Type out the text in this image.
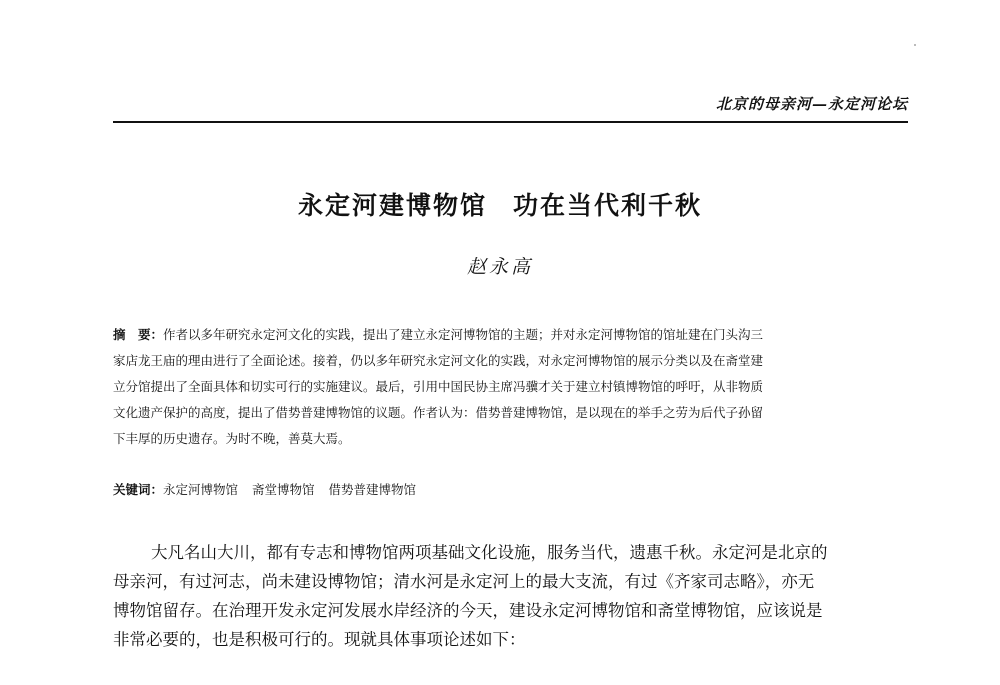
北京的母亲河—永定河论坛
永定河建博物馆 功在当代利千秋
赵永高
摘　要：作者以多年研究永定河文化的实践，提出了建立永定河博物馆的主题；并对永定河博物馆的馆址建在门头沟三
家店龙王庙的理由进行了全面论述。接着，仍以多年研究永定河文化的实践，对永定河博物馆的展示分类以及在斋堂建
立分馆提出了全面具体和切实可行的实施建议。最后，引用中国民协主席冯骥才关于建立村镇博物馆的呼吁，从非物质
文化遗产保护的高度，提出了借势普建博物馆的议题。作者认为：借势普建博物馆，是以现在的举手之劳为后代子孙留
下丰厚的历史遗存。为时不晚，善莫大焉。
关键词：永定河博物馆 斋堂博物馆 借势普建博物馆
大凡名山大川，都有专志和博物馆两项基础文化设施，服务当代，遗惠千秋。永定河是北京的
母亲河，有过河志，尚未建设博物馆；清水河是永定河上的最大支流，有过《齐家司志略》，亦无
博物馆留存。在治理开发永定河发展水岸经济的今天，建设永定河博物馆和斋堂博物馆，应该说是
非常必要的，也是积极可行的。现就具体事项论述如下：
